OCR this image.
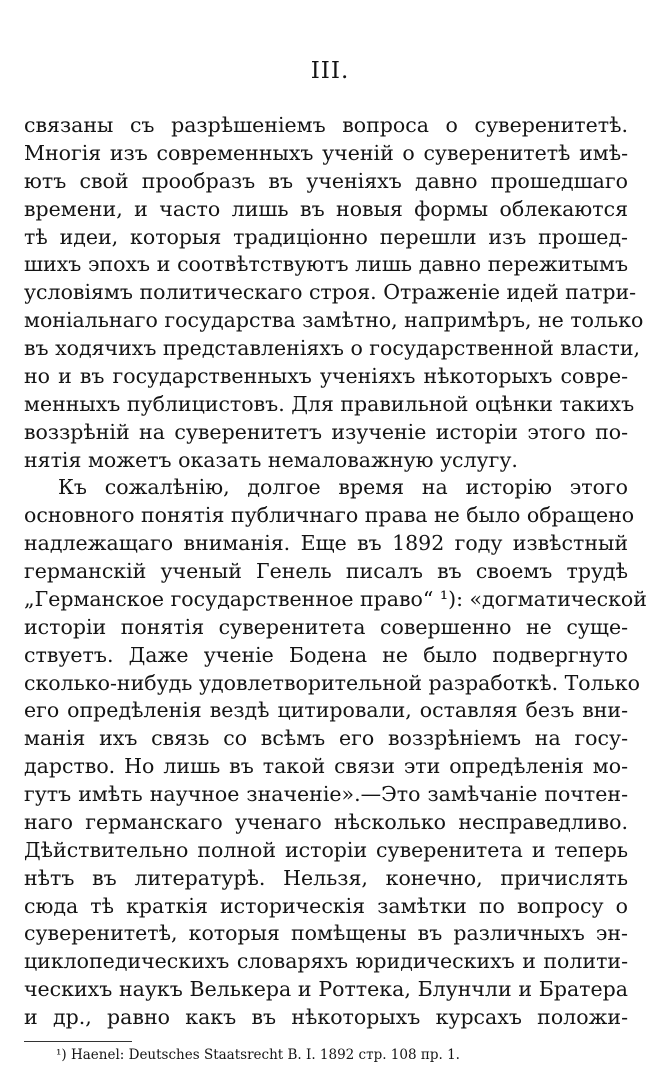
III.
связаны съ разрѣшеніемъ вопроса о суверенитетѣ.
Многія изъ современныхъ ученій о суверенитетѣ имѣ-
ютъ свой прообразъ въ ученіяхъ давно прошедшаго
времени, и часто лишь въ новыя формы облекаются
тѣ идеи, которыя традиціонно перешли изъ прошед-
шихъ эпохъ и соотвѣтствуютъ лишь давно пережитымъ
условіямъ политическаго строя. Отраженіе идей патри-
моніальнаго государства замѣтно, напримѣръ, не только
въ ходячихъ представленіяхъ о государственной власти,
но и въ государственныхъ ученіяхъ нѣкоторыхъ совре-
менныхъ публицистовъ. Для правильной оцѣнки такихъ
воззрѣній на суверенитетъ изученіе исторіи этого по-
нятія можетъ оказать немаловажную услугу.
Къ сожалѣнію, долгое время на исторію этого
основного понятія публичнаго права не было обращено
надлежащаго вниманія. Еще въ 1892 году извѣстный
германскій ученый Генель писалъ въ своемъ трудѣ
„Германское государственное право“ ¹): «догматической
исторіи понятія суверенитета совершенно не суще-
ствуетъ. Даже ученіе Бодена не было подвергнуто
сколько-нибудь удовлетворительной разработкѣ. Только
его опредѣленія вездѣ цитировали, оставляя безъ вни-
манія ихъ связь со всѣмъ его воззрѣніемъ на госу-
дарство. Но лишь въ такой связи эти опредѣленія мо-
гутъ имѣть научное значеніе».—Это замѣчаніе почтен-
наго германскаго ученаго нѣсколько несправедливо.
Дѣйствительно полной исторіи суверенитета и теперь
нѣтъ въ литературѣ. Нельзя, конечно, причислять
сюда тѣ краткія историческія замѣтки по вопросу о
суверенитетѣ, которыя помѣщены въ различныхъ эн-
циклопедическихъ словаряхъ юридическихъ и полити-
ческихъ наукъ Велькера и Роттека, Блунчли и Братера
и др., равно какъ въ нѣкоторыхъ курсахъ положи-
¹) Haenel: Deutsches Staatsrecht B. I. 1892 стр. 108 пр. 1.
